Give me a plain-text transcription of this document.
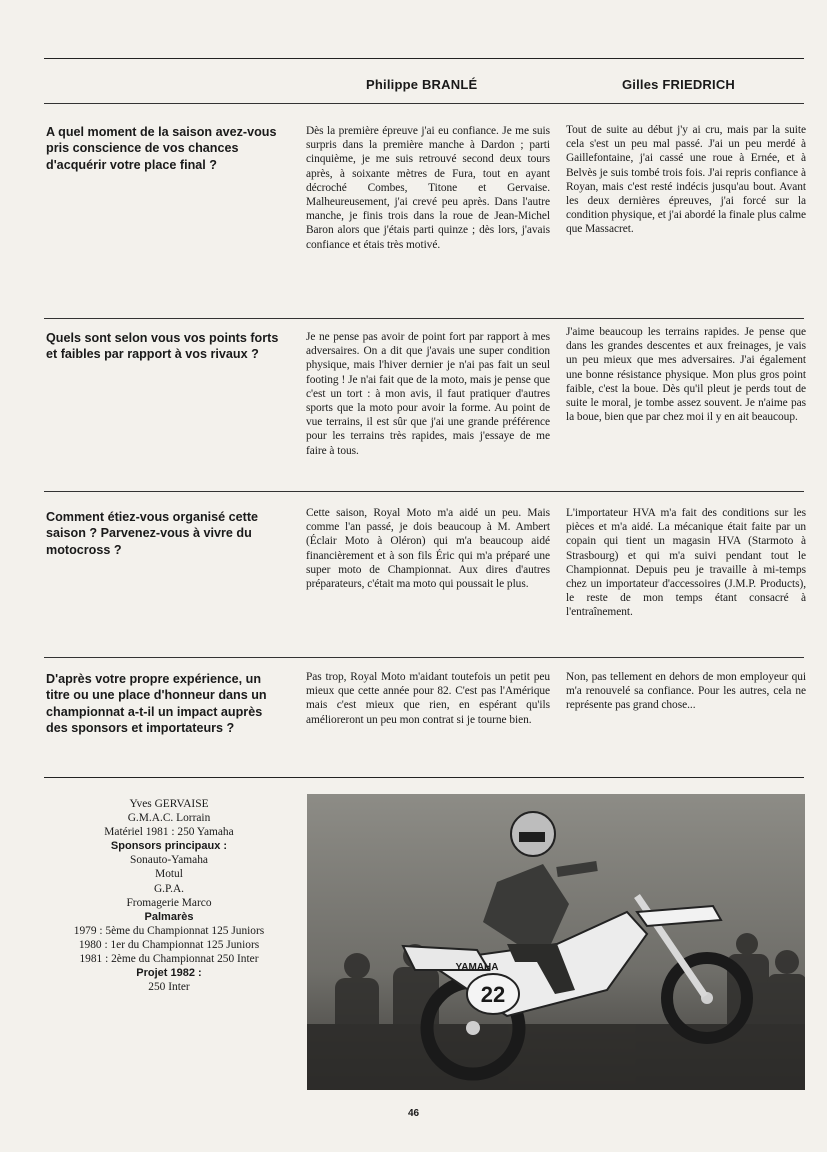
Philippe BRANLÉ	Gilles FRIEDRICH
A quel moment de la saison avez-vous pris conscience de vos chances d'acquérir votre place final ?
Dès la première épreuve j'ai eu confiance. Je me suis surpris dans la première manche à Dardon ; parti cinquième, je me suis retrouvé second deux tours après, à soixante mètres de Fura, tout en ayant décroché Combes, Titone et Gervaise. Malheureusement, j'ai crevé peu après. Dans l'autre manche, je finis trois dans la roue de Jean-Michel Baron alors que j'étais parti quinze ; dès lors, j'avais confiance et étais très motivé.
Tout de suite au début j'y ai cru, mais par la suite cela s'est un peu mal passé. J'ai un peu merdé à Gaillefontaine, j'ai cassé une roue à Ernée, et à Belvès je suis tombé trois fois. J'ai repris confiance à Royan, mais c'est resté indécis jusqu'au bout. Avant les deux dernières épreuves, j'ai forcé sur la condition physique, et j'ai abordé la finale plus calme que Massacret.
Quels sont selon vous vos points forts et faibles par rapport à vos rivaux ?
Je ne pense pas avoir de point fort par rapport à mes adversaires. On a dit que j'avais une super condition physique, mais l'hiver dernier je n'ai pas fait un seul footing ! Je n'ai fait que de la moto, mais je pense que c'est un tort : à mon avis, il faut pratiquer d'autres sports que la moto pour avoir la forme. Au point de vue terrains, il est sûr que j'ai une grande préférence pour les terrains très rapides, mais j'essaye de me faire à tous.
J'aime beaucoup les terrains rapides. Je pense que dans les grandes descentes et aux freinages, je vais un peu mieux que mes adversaires. J'ai également une bonne résistance physique. Mon plus gros point faible, c'est la boue. Dès qu'il pleut je perds tout de suite le moral, je tombe assez souvent. Je n'aime pas la boue, bien que par chez moi il y en ait beaucoup.
Comment étiez-vous organisé cette saison ? Parvenez-vous à vivre du motocross ?
Cette saison, Royal Moto m'a aidé un peu. Mais comme l'an passé, je dois beaucoup à M. Ambert (Éclair Moto à Oléron) qui m'a beaucoup aidé financièrement et à son fils Éric qui m'a préparé une super moto de Championnat. Aux dires d'autres préparateurs, c'était ma moto qui poussait le plus.
L'importateur HVA m'a fait des conditions sur les pièces et m'a aidé. La mécanique était faite par un copain qui tient un magasin HVA (Starmoto à Strasbourg) et qui m'a suivi pendant tout le Championnat. Depuis peu je travaille à mi-temps chez un importateur d'accessoires (J.M.P. Products), le reste de mon temps étant consacré à l'entraînement.
D'après votre propre expérience, un titre ou une place d'honneur dans un championnat a-t-il un impact auprès des sponsors et importateurs ?
Pas trop, Royal Moto m'aidant toutefois un petit peu mieux que cette année pour 82. C'est pas l'Amérique mais c'est mieux que rien, en espérant qu'ils amélioreront un peu mon contrat si je tourne bien.
Non, pas tellement en dehors de mon employeur qui m'a renouvelé sa confiance. Pour les autres, cela ne représente pas grand chose...
Yves GERVAISE
G.M.A.C. Lorrain
Matériel 1981 : 250 Yamaha
Sponsors principaux :
Sonauto-Yamaha
Motul
G.P.A.
Fromagerie Marco
Palmarès
1979 : 5ème du Championnat 125 Juniors
1980 : 1er du Championnat 125 Juniors
1981 : 2ème du Championnat 250 Inter
Projet 1982 :
250 Inter	22
YAMAHA
46
